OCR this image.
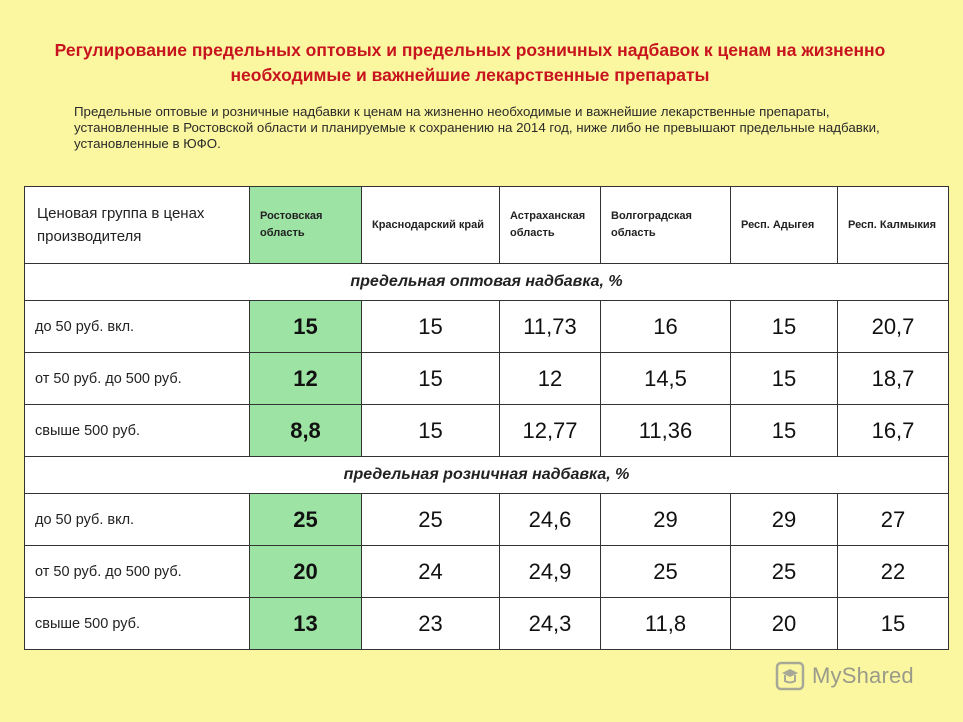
Регулирование предельных оптовых и предельных розничных надбавок к ценам на жизненно необходимые и важнейшие лекарственные препараты
Предельные оптовые и розничные надбавки к ценам на жизненно необходимые и важнейшие лекарственные препараты, установленные в Ростовской области и планируемые к сохранению на 2014 год, ниже либо не превышают предельные надбавки, установленные в ЮФО.
Ценовая группа в ценах производителя	Ростовская область	Краснодарский край	Астраханская область	Волгоградская область	Респ. Адыгея	Респ. Калмыкия
предельная оптовая надбавка, %						
до 50 руб. вкл.	15	15	11,73	16	15	20,7
от 50 руб. до 500 руб.	12	15	12	14,5	15	18,7
свыше 500 руб.	8,8	15	12,77	11,36	15	16,7
предельная розничная надбавка, %						
до 50 руб. вкл.	25	25	24,6	29	29	27
от 50 руб. до 500 руб.	20	24	24,9	25	25	22
свыше 500 руб.	13	23	24,3	11,8	20	15
MyShared
